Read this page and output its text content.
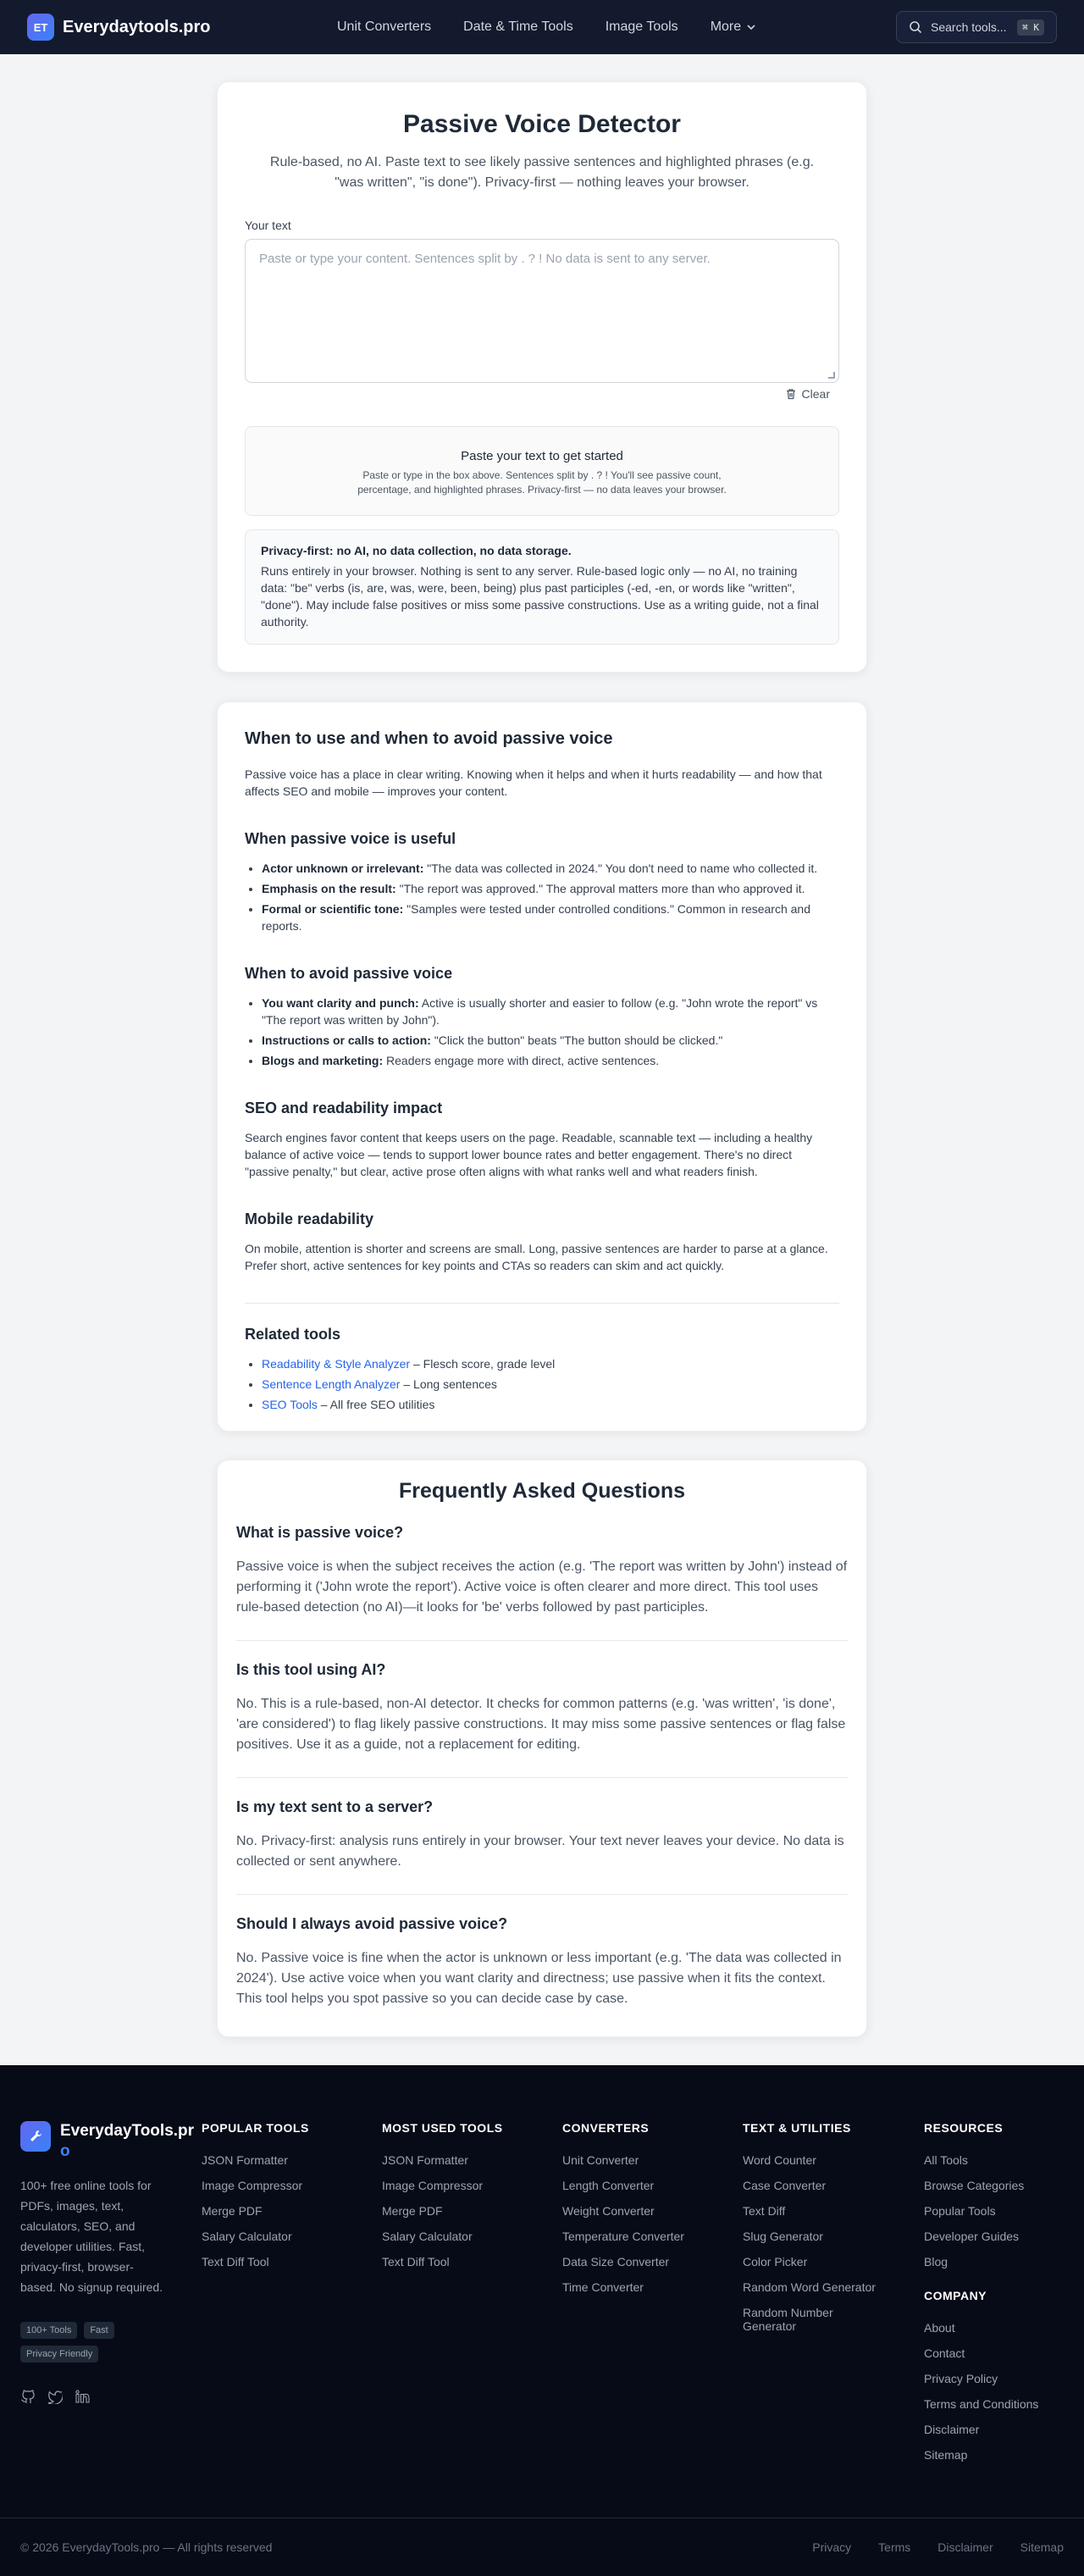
ET Everydaytools.pro	Unit Converters Date & Time Tools Image Tools More	Search tools...	⌘ K
Passive Voice Detector

Rule-based, no AI. Paste text to see likely passive sentences and highlighted phrases (e.g. "was written", "is done"). Privacy-first — nothing leaves your browser.

Your text
Paste or type your content. Sentences split by . ? ! No data is sent to any server.
Clear
Paste your text to get started
Paste or type in the box above. Sentences split by . ? ! You'll see passive count, percentage, and highlighted phrases. Privacy-first — no data leaves your browser.
Privacy-first: no AI, no data collection, no data storage.
Runs entirely in your browser. Nothing is sent to any server. Rule-based logic only — no AI, no training data: "be" verbs (is, are, was, were, been, being) plus past participles (-ed, -en, or words like "written", "done"). May include false positives or miss some passive constructions. Use as a writing guide, not a final authority.
When to use and when to avoid passive voice

Passive voice has a place in clear writing. Knowing when it helps and when it hurts readability — and how that affects SEO and mobile — improves your content.

When passive voice is useful
• Actor unknown or irrelevant: "The data was collected in 2024." You don't need to name who collected it.
• Emphasis on the result: "The report was approved." The approval matters more than who approved it.
• Formal or scientific tone: "Samples were tested under controlled conditions." Common in research and reports.
When to avoid passive voice
• You want clarity and punch: Active is usually shorter and easier to follow (e.g. "John wrote the report" vs "The report was written by John").
• Instructions or calls to action: "Click the button" beats "The button should be clicked."
• Blogs and marketing: Readers engage more with direct, active sentences.
SEO and readability impact

Search engines favor content that keeps users on the page. Readable, scannable text — including a healthy balance of active voice — tends to support lower bounce rates and better engagement. There's no direct "passive penalty," but clear, active prose often aligns with what ranks well and what readers finish.

Mobile readability

On mobile, attention is shorter and screens are small. Long, passive sentences are harder to parse at a glance. Prefer short, active sentences for key points and CTAs so readers can skim and act quickly.

Related tools
• Readability & Style Analyzer – Flesch score, grade level
• Sentence Length Analyzer – Long sentences
• SEO Tools – All free SEO utilities
Frequently Asked Questions
What is passive voice?
Passive voice is when the subject receives the action (e.g. 'The report was written by John') instead of performing it ('John wrote the report'). Active voice is often clearer and more direct. This tool uses rule-based detection (no AI)—it looks for 'be' verbs followed by past participles.
Is this tool using AI?
No. This is a rule-based, non-AI detector. It checks for common patterns (e.g. 'was written', 'is done', 'are considered') to flag likely passive constructions. It may miss some passive sentences or flag false positives. Use it as a guide, not a replacement for editing.
Is my text sent to a server?
No. Privacy-first: analysis runs entirely in your browser. Your text never leaves your device. No data is collected or sent anywhere.
Should I always avoid passive voice?
No. Passive voice is fine when the actor is unknown or less important (e.g. 'The data was collected in 2024'). Use active voice when you want clarity and directness; use passive when it fits the context. This tool helps you spot passive so you can decide case by case.
EverydayTools.pro
100+ free online tools for PDFs, images, text, calculators, SEO, and developer utilities. Fast, privacy-first, browser-based. No signup required.
100+ Tools	Fast
Privacy Friendly
POPULAR TOOLS
JSON Formatter
Image Compressor
Merge PDF
Salary Calculator
Text Diff Tool
MOST USED TOOLS
JSON Formatter
Image Compressor
Merge PDF
Salary Calculator
Text Diff Tool
CONVERTERS
Unit Converter
Length Converter
Weight Converter
Temperature Converter
Data Size Converter
Time Converter
TEXT & UTILITIES
Word Counter
Case Converter
Text Diff
Slug Generator
Color Picker
Random Word Generator
Random Number Generator
RESOURCES
All Tools
Browse Categories
Popular Tools
Developer Guides
Blog
COMPANY
About
Contact
Privacy Policy
Terms and Conditions
Disclaimer
Sitemap
© 2026 EverydayTools.pro — All rights reserved	Privacy Terms Disclaimer Sitemap
